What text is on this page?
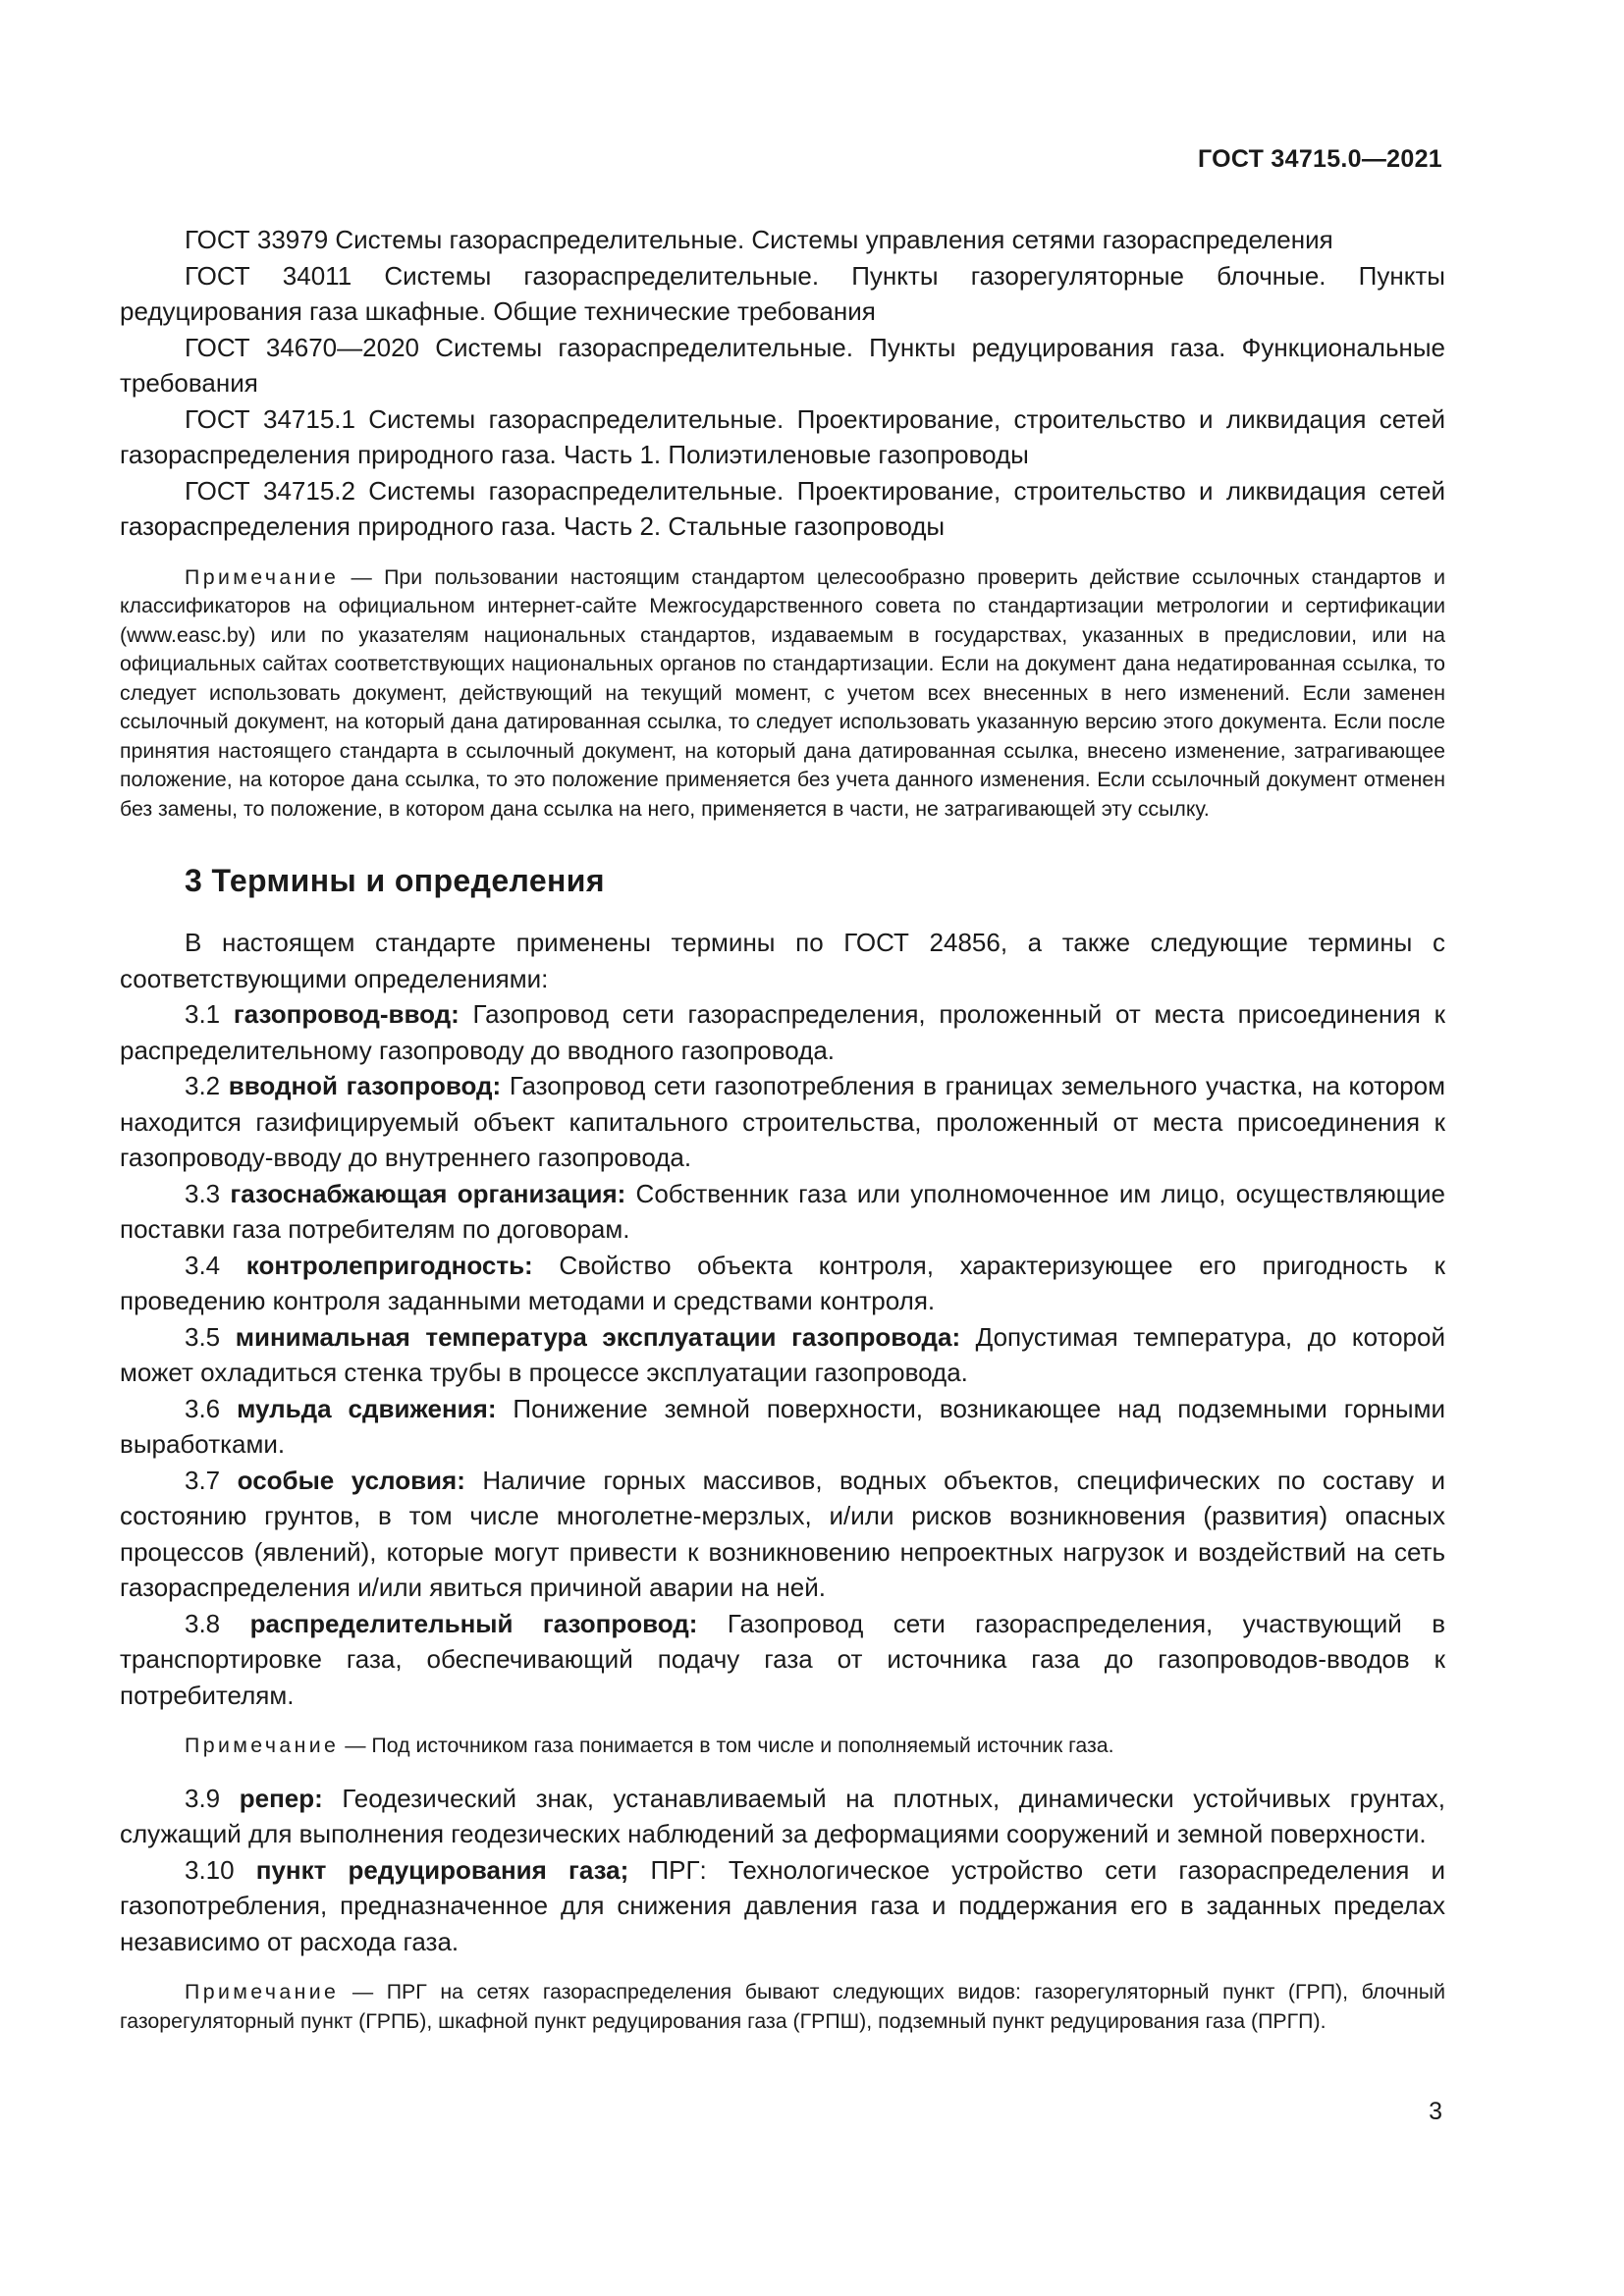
ГОСТ 34715.0—2021

ГОСТ 33979 Системы газораспределительные. Системы управления сетями газораспределения

ГОСТ 34011 Системы газораспределительные. Пункты газорегуляторные блочные. Пункты редуцирования газа шкафные. Общие технические требования

ГОСТ 34670—2020 Системы газораспределительные. Пункты редуцирования газа. Функциональные требования

ГОСТ 34715.1 Системы газораспределительные. Проектирование, строительство и ликвидация сетей газораспределения природного газа. Часть 1. Полиэтиленовые газопроводы

ГОСТ 34715.2 Системы газораспределительные. Проектирование, строительство и ликвидация сетей газораспределения природного газа. Часть 2. Стальные газопроводы

Примечание — При пользовании настоящим стандартом целесообразно проверить действие ссылочных стандартов и классификаторов на официальном интернет-сайте Межгосударственного совета по стандартизации метрологии и сертификации (www.easc.by) или по указателям национальных стандартов, издаваемым в государствах, указанных в предисловии, или на официальных сайтах соответствующих национальных органов по стандартизации. Если на документ дана недатированная ссылка, то следует использовать документ, действующий на текущий момент, с учетом всех внесенных в него изменений. Если заменен ссылочный документ, на который дана датированная ссылка, то следует использовать указанную версию этого документа. Если после принятия настоящего стандарта в ссылочный документ, на который дана датированная ссылка, внесено изменение, затрагивающее положение, на которое дана ссылка, то это положение применяется без учета данного изменения. Если ссылочный документ отменен без замены, то положение, в котором дана ссылка на него, применяется в части, не затрагивающей эту ссылку.

3 Термины и определения

В настоящем стандарте применены термины по ГОСТ 24856, а также следующие термины с соответствующими определениями:

3.1 газопровод-ввод: Газопровод сети газораспределения, проложенный от места присоединения к распределительному газопроводу до вводного газопровода.

3.2 вводной газопровод: Газопровод сети газопотребления в границах земельного участка, на котором находится газифицируемый объект капитального строительства, проложенный от места присоединения к газопроводу-вводу до внутреннего газопровода.

3.3 газоснабжающая организация: Собственник газа или уполномоченное им лицо, осуществляющие поставки газа потребителям по договорам.

3.4 контролепригодность: Свойство объекта контроля, характеризующее его пригодность к проведению контроля заданными методами и средствами контроля.

3.5 минимальная температура эксплуатации газопровода: Допустимая температура, до которой может охладиться стенка трубы в процессе эксплуатации газопровода.

3.6 мульда сдвижения: Понижение земной поверхности, возникающее над подземными горными выработками.

3.7 особые условия: Наличие горных массивов, водных объектов, специфических по составу и состоянию грунтов, в том числе многолетне-мерзлых, и/или рисков возникновения (развития) опасных процессов (явлений), которые могут привести к возникновению непроектных нагрузок и воздействий на сеть газораспределения и/или явиться причиной аварии на ней.

3.8 распределительный газопровод: Газопровод сети газораспределения, участвующий в транспортировке газа, обеспечивающий подачу газа от источника газа до газопроводов-вводов к потребителям.

Примечание — Под источником газа понимается в том числе и пополняемый источник газа.

3.9 репер: Геодезический знак, устанавливаемый на плотных, динамически устойчивых грунтах, служащий для выполнения геодезических наблюдений за деформациями сооружений и земной поверхности.

3.10 пункт редуцирования газа; ПРГ: Технологическое устройство сети газораспределения и газопотребления, предназначенное для снижения давления газа и поддержания его в заданных пределах независимо от расхода газа.

Примечание — ПРГ на сетях газораспределения бывают следующих видов: газорегуляторный пункт (ГРП), блочный газорегуляторный пункт (ГРПБ), шкафной пункт редуцирования газа (ГРПШ), подземный пункт редуцирования газа (ПРГП).

3
